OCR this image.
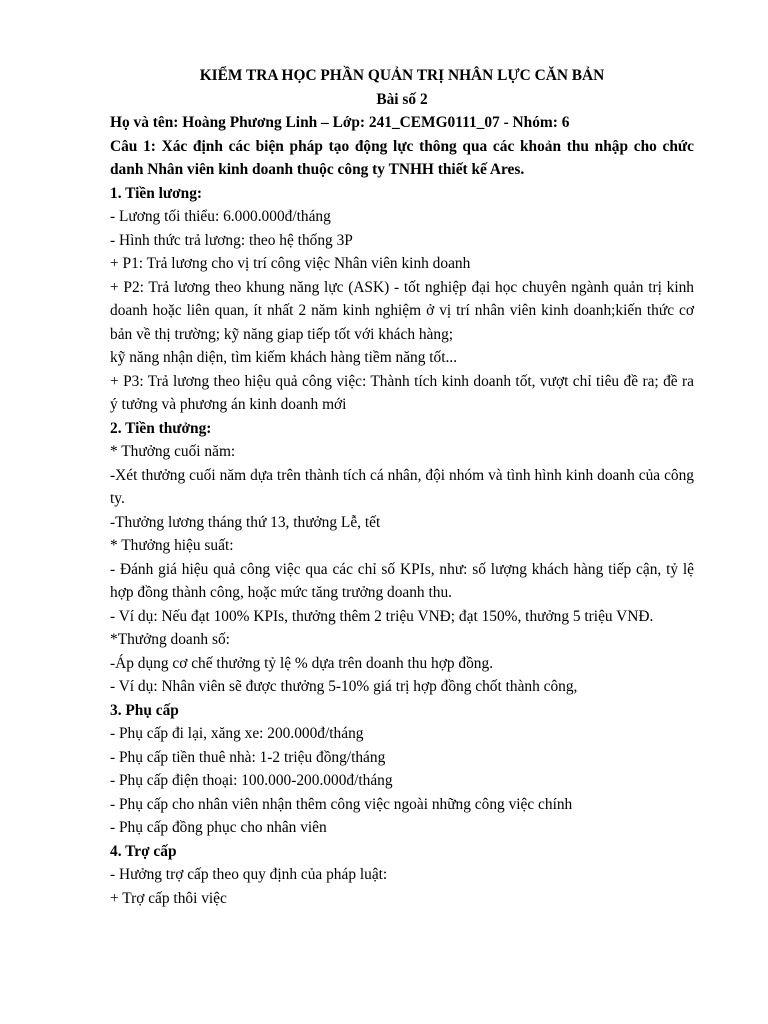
KIỂM TRA HỌC PHẦN QUẢN TRỊ NHÂN LỰC CĂN BẢN
Bài số 2
Họ và tên: Hoàng Phương Linh – Lớp: 241_CEMG0111_07 - Nhóm: 6
Câu 1: Xác định các biện pháp tạo động lực thông qua các khoản thu nhập cho chức danh Nhân viên kinh doanh thuộc công ty TNHH thiết kế Ares.
1. Tiền lương:
- Lương tối thiểu: 6.000.000đ/tháng
- Hình thức trả lương: theo hệ thống 3P
+ P1: Trả lương cho vị trí công việc Nhân viên kinh doanh
+ P2: Trả lương theo khung năng lực (ASK) - tốt nghiệp đại học chuyên ngành quản trị kinh doanh hoặc liên quan, ít nhất 2 năm kinh nghiệm ở vị trí nhân viên kinh doanh;kiến thức cơ bản về thị trường; kỹ năng giap tiếp tốt với khách hàng;
kỹ năng nhận diện, tìm kiếm khách hàng tiềm năng tốt...
+ P3: Trả lương theo hiệu quả công việc: Thành tích kinh doanh tốt, vượt chỉ tiêu đề ra; đề ra ý tưởng và phương án kinh doanh mới
2. Tiền thưởng:
* Thưởng cuối năm:
-Xét thưởng cuối năm dựa trên thành tích cá nhân, đội nhóm và tình hình kinh doanh của công ty.
-Thưởng lương tháng thứ 13, thưởng Lễ, tết
* Thưởng hiệu suất:
- Đánh giá hiệu quả công việc qua các chỉ số KPIs, như: số lượng khách hàng tiếp cận, tỷ lệ hợp đồng thành công, hoặc mức tăng trưởng doanh thu.
- Ví dụ: Nếu đạt 100% KPIs, thưởng thêm 2 triệu VNĐ; đạt 150%, thưởng 5 triệu VNĐ.
*Thưởng doanh số:
-Áp dụng cơ chế thưởng tỷ lệ % dựa trên doanh thu hợp đồng.
- Ví dụ: Nhân viên sẽ được thưởng 5-10% giá trị hợp đồng chốt thành công,
3. Phụ cấp
- Phụ cấp đi lại, xăng xe: 200.000đ/tháng
- Phụ cấp tiền thuê nhà: 1-2 triệu đồng/tháng
- Phụ cấp điện thoại: 100.000-200.000đ/tháng
- Phụ cấp cho nhân viên nhận thêm công việc ngoài những công việc chính
- Phụ cấp đồng phục cho nhân viên
4. Trợ cấp
- Hưởng trợ cấp theo quy định của pháp luật:
+ Trợ cấp thôi việc
